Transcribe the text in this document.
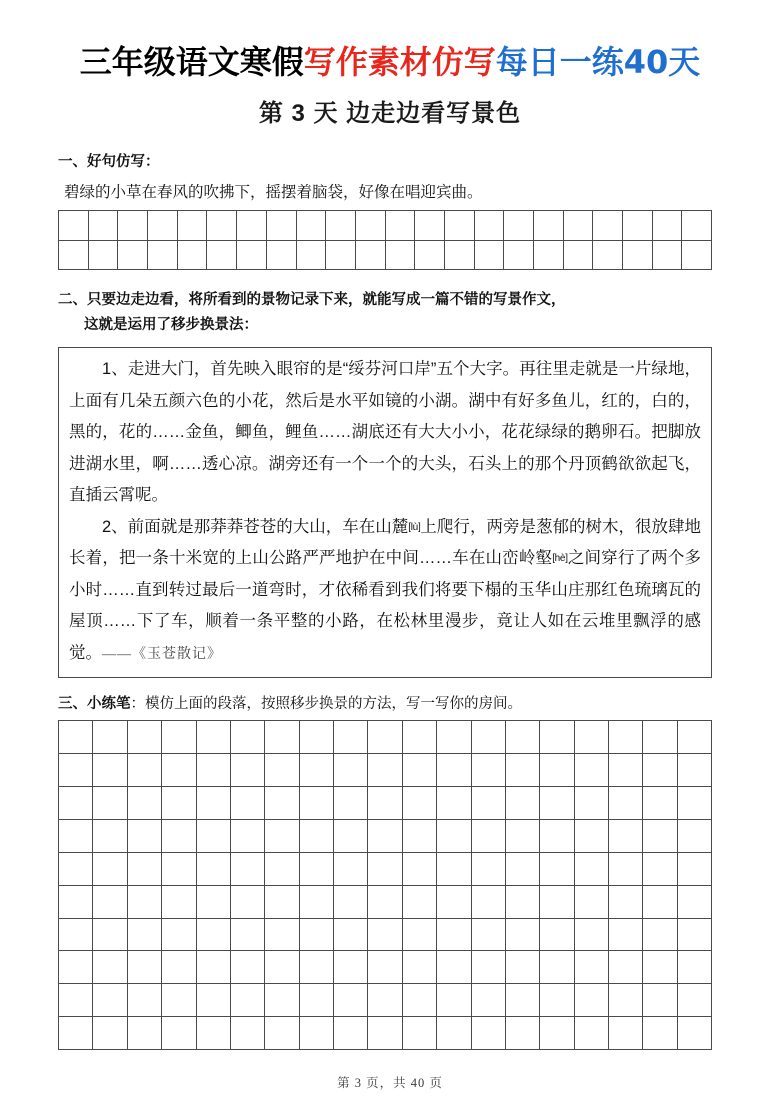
三年级语文寒假写作素材仿写每日一练40天
第 3 天 边走边看写景色
一、好句仿写：
碧绿的小草在春风的吹拂下，摇摆着脑袋，好像在唱迎宾曲。
二、只要边走边看，将所看到的景物记录下来，就能写成一篇不错的写景作文，
这就是运用了移步换景法：

1、走进大门，首先映入眼帘的是“绥芬河口岸”五个大字。再往里走就是一片绿地，上面有几朵五颜六色的小花，然后是水平如镜的小湖。湖中有好多鱼儿，红的，白的，黑的，花的……金鱼，鲫鱼，鲤鱼……湖底还有大大小小，花花绿绿的鹅卵石。把脚放进湖水里，啊……透心凉。湖旁还有一个一个的大头，石头上的那个丹顶鹤欲欲起飞，直插云霄呢。

2、前面就是那莽莽苍苍的大山，车在山麓[lù]上爬行，两旁是葱郁的树木，很放肆地长着，把一条十米宽的上山公路严严地护在中间……车在山峦岭壑[hè]之间穿行了两个多小时……直到转过最后一道弯时，才依稀看到我们将要下榻的玉华山庄那红色琉璃瓦的屋顶……下了车，顺着一条平整的小路，在松林里漫步，竟让人如在云堆里飘浮的感觉。——《玉苍散记》

三、小练笔：模仿上面的段落，按照移步换景的方法，写一写你的房间。
第 3 页，共 40 页
